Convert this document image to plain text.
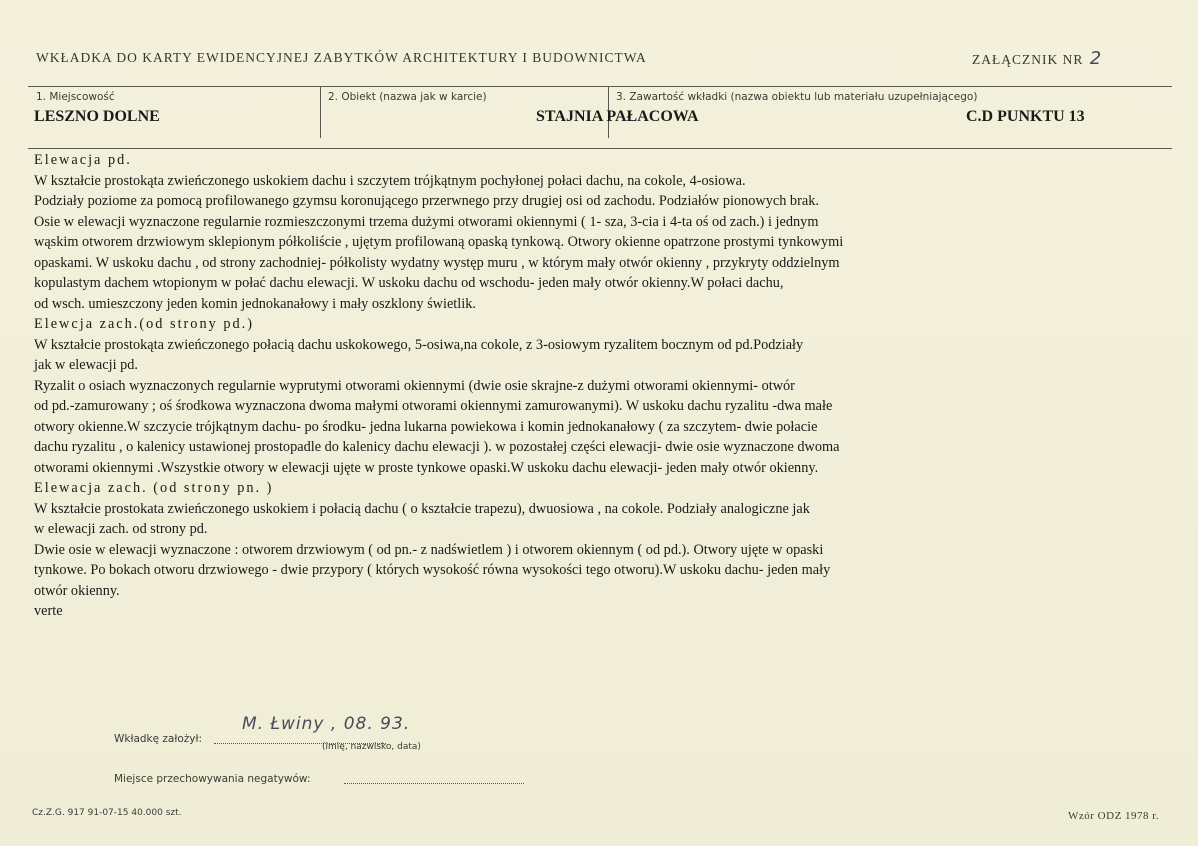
WKŁADKA DO KARTY EWIDENCYJNEJ ZABYTKÓW ARCHITEKTURY I BUDOWNICTWA	ZAŁĄCZNIK NR 2
1. Miejscowość	2. Obiekt (nazwa jak w karcie)	3. Zawartość wkładki (nazwa obiektu lub materiału uzupełniającego)
LESZNO DOLNE	STAJNIA PAŁACOWA	C.D PUNKTU 13
Elewacja pd.
W kształcie prostokąta zwieńczonego uskokiem dachu i szczytem trójkątnym pochyłonej połaci dachu, na cokole, 4-osiowa.
Podziały poziome za pomocą profilowanego gzymsu koronującego przerwnego przy drugiej osi od zachodu. Podziałów pionowych brak.
Osie w elewacji wyznaczone regularnie rozmieszczonymi trzema dużymi otworami okiennymi ( 1- sza, 3-cia i 4-ta oś od zach.) i jednym
wąskim otworem drzwiowym sklepionym półkoliście , ujętym profilowaną opaską tynkową. Otwory okienne opatrzone prostymi tynkowymi
opaskami. W uskoku dachu , od strony zachodniej- półkolisty wydatny występ muru , w którym mały otwór okienny , przykryty oddzielnym
kopulastym dachem wtopionym w połać dachu elewacji. W uskoku dachu od wschodu- jeden mały otwór okienny.W połaci dachu,
od wsch. umieszczony jeden komin jednokanałowy i mały oszklony świetlik.
Elewcja zach.(od strony pd.)
W kształcie prostokąta zwieńczonego połacią dachu uskokowego, 5-osiwa,na cokole, z 3-osiowym ryzalitem bocznym od pd.Podziały
jak w elewacji pd.
Ryzalit o osiach wyznaczonych regularnie wyprutymi otworami okiennymi (dwie osie skrajne-z dużymi otworami okiennymi- otwór
od pd.-zamurowany ; oś środkowa wyznaczona dwoma małymi otworami okiennymi zamurowanymi). W uskoku dachu ryzalitu -dwa małe
otwory okienne.W szczycie trójkątnym dachu- po środku- jedna lukarna powiekowa i komin jednokanałowy ( za szczytem- dwie połacie
dachu ryzalitu , o kalenicy ustawionej prostopadle do kalenicy dachu elewacji ). w pozostałej części elewacji- dwie osie wyznaczone dwoma
otworami okiennymi .Wszystkie otwory w elewacji ujęte w proste tynkowe opaski.W uskoku dachu elewacji- jeden mały otwór okienny.
Elewacja zach. (od strony pn. )
W kształcie prostokata zwieńczonego uskokiem i połacią dachu ( o kształcie trapezu), dwuosiowa , na cokole. Podziały analogiczne jak
w elewacji zach. od strony pd.
Dwie osie w elewacji wyznaczone : otworem drzwiowym ( od pn.- z nadświetlem ) i otworem okiennym ( od pd.). Otwory ujęte w opaski
tynkowe. Po bokach otworu drzwiowego - dwie przypory ( których wysokość równa wysokości tego otworu).W uskoku dachu- jeden mały
otwór okienny.
verte
Wkładkę założył:
M. Łwiny , 08. 93.
(imię, nazwisko, data)
Miejsce przechowywania negatywów:
Cz.Z.G. 917 91-07-15 40.000 szt.	Wzór ODZ 1978 r.
